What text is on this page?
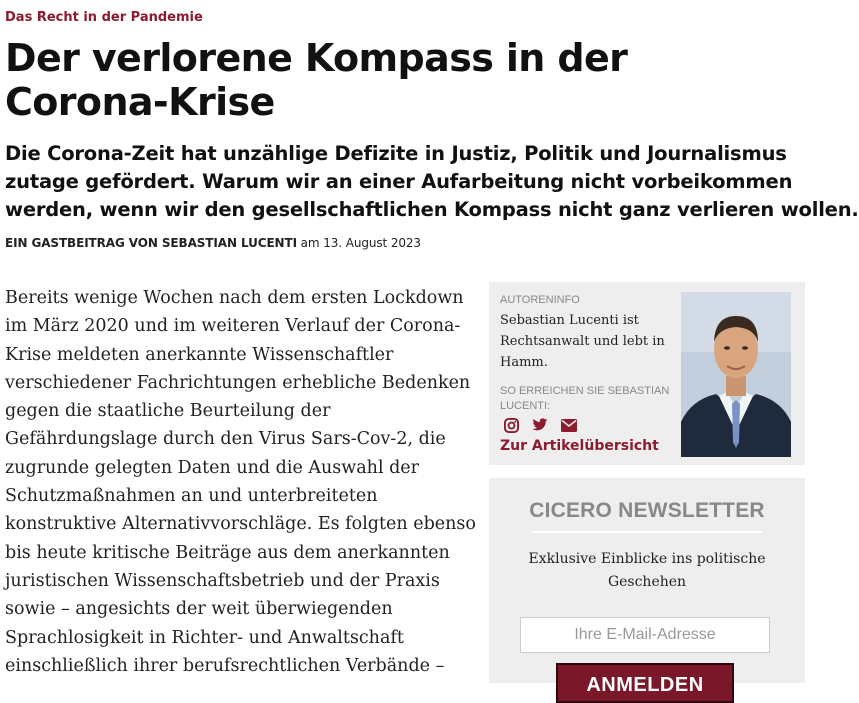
Das Recht in der Pandemie
Der verlorene Kompass in der
Corona-Krise
Die Corona-Zeit hat unzählige Defizite in Justiz, Politik und Journalismus
zutage gefördert. Warum wir an einer Aufarbeitung nicht vorbeikommen
werden, wenn wir den gesellschaftlichen Kompass nicht ganz verlieren wollen.
EIN GASTBEITRAG VON SEBASTIAN LUCENTI am 13. August 2023
Bereits wenige Wochen nach dem ersten Lockdown
im März 2020 und im weiteren Verlauf der Corona-
Krise meldeten anerkannte Wissenschaftler
verschiedener Fachrichtungen erhebliche Bedenken
gegen die staatliche Beurteilung der
Gefährdungslage durch den Virus Sars-Cov-2, die
zugrunde gelegten Daten und die Auswahl der
Schutzmaßnahmen an und unterbreiteten
konstruktive Alternativvorschläge. Es folgten ebenso
bis heute kritische Beiträge aus dem anerkannten
juristischen Wissenschaftsbetrieb und der Praxis
sowie – angesichts der weit überwiegenden
Sprachlosigkeit in Richter- und Anwaltschaft
einschließlich ihrer berufsrechtlichen Verbände –
AUTORENINFO
Sebastian Lucenti ist Rechtsanwalt und lebt in Hamm.
SO ERREICHEN SIE SEBASTIAN LUCENTI:
Zur Artikelübersicht
CICERO NEWSLETTER
Exklusive Einblicke ins politische Geschehen
Ihre E-Mail-Adresse
ANMELDEN
